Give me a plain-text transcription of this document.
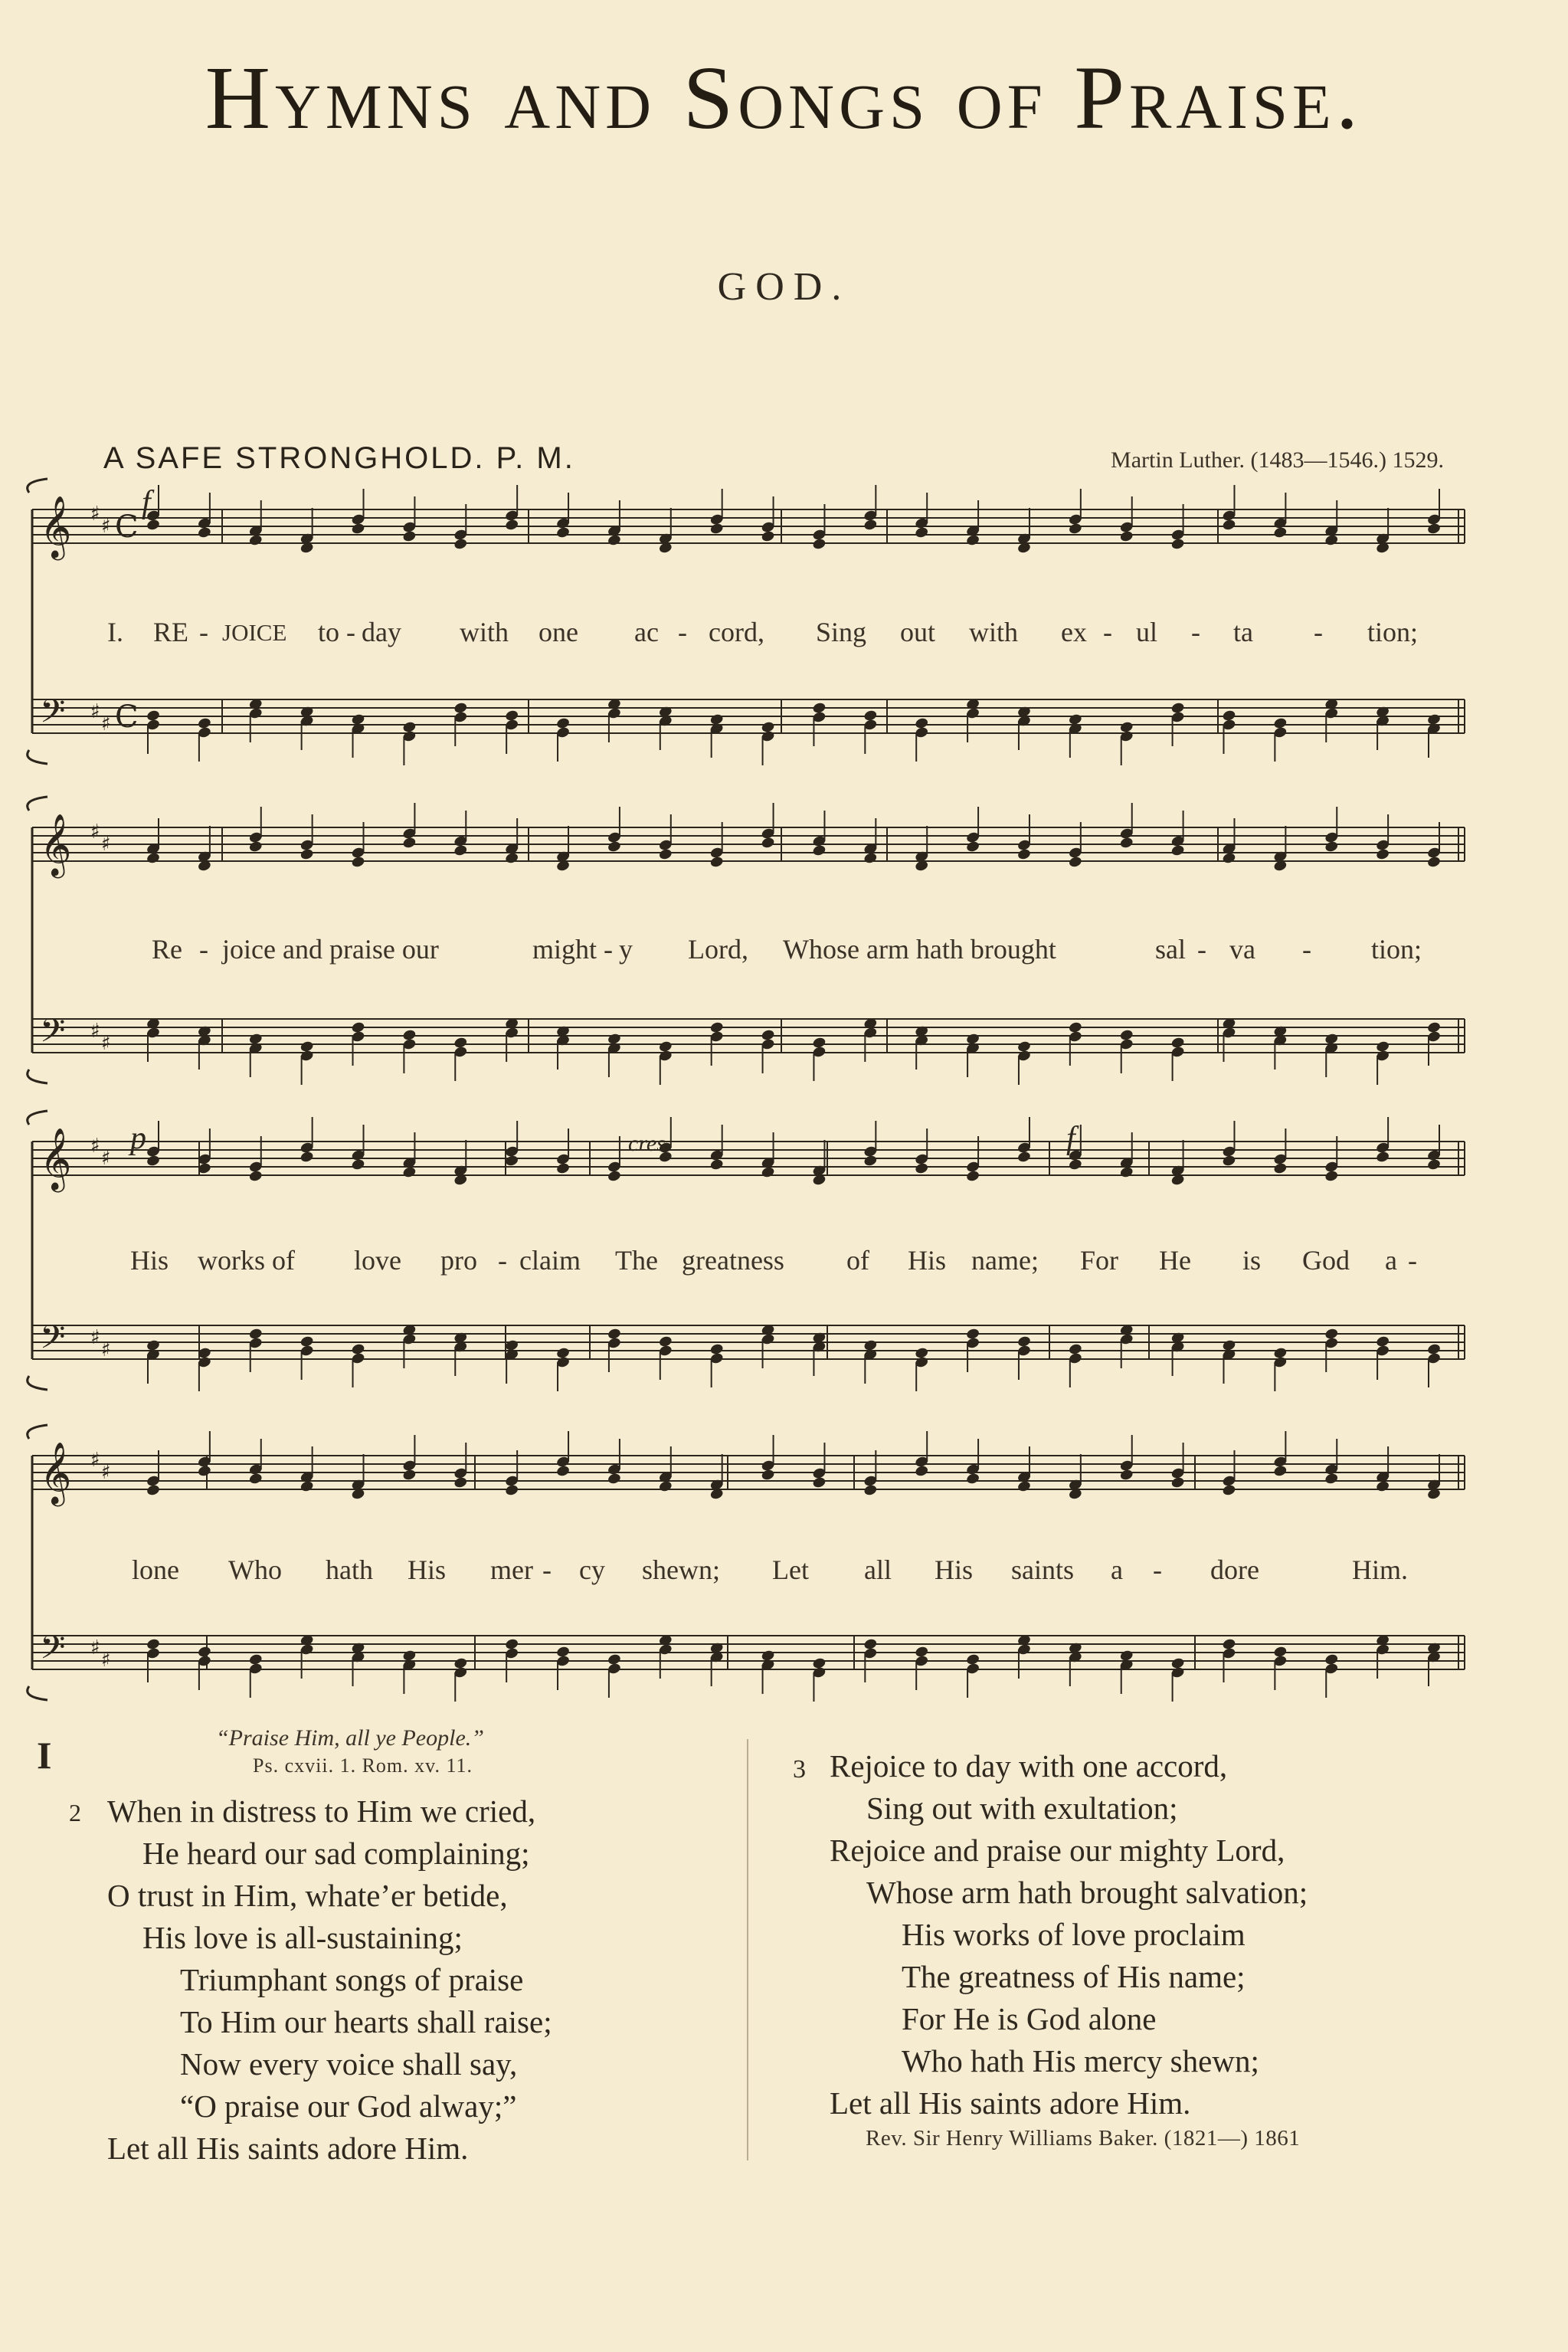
Hymns and Songs of Praise.
GOD.
A SAFE STRONGHOLD. P. M.	Martin Luther. (1483—1546.) 1529.
𝄞
𝄢
♯
♯
♯
♯
C
C
𝄞
𝄢
♯
♯
♯
♯
𝄞
𝄢
♯
♯
♯
♯
𝄞
𝄢
♯
♯
♯
♯
f
p	cres.	f
I. RE - JOICE to - day with one ac - cord, Sing out with ex - ul - ta - tion;
Re - joice and praise our	might - y Lord, Whose arm hath brought	sal - va - tion;
His works of love pro - claim The greatness of His name; For He is God a -
lone Who hath His mer - cy shewn; Let all His saints a - dore	Him.
I	“Praise Him, all ye People.”
Ps. cxvii. 1. Rom. xv. 11.
2 When in distress to Him we cried,
He heard our sad complaining;
O trust in Him, whate’er betide,
His love is all-sustaining;
Triumphant songs of praise
To Him our hearts shall raise;
Now every voice shall say,
“O praise our God alway;”
Let all His saints adore Him.
3 Rejoice to day with one accord,
Sing out with exultation;
Rejoice and praise our mighty Lord,
Whose arm hath brought salvation;
His works of love proclaim
The greatness of His name;
For He is God alone
Who hath His mercy shewn;
Let all His saints adore Him.
Rev. Sir Henry Williams Baker. (1821—) 1861
